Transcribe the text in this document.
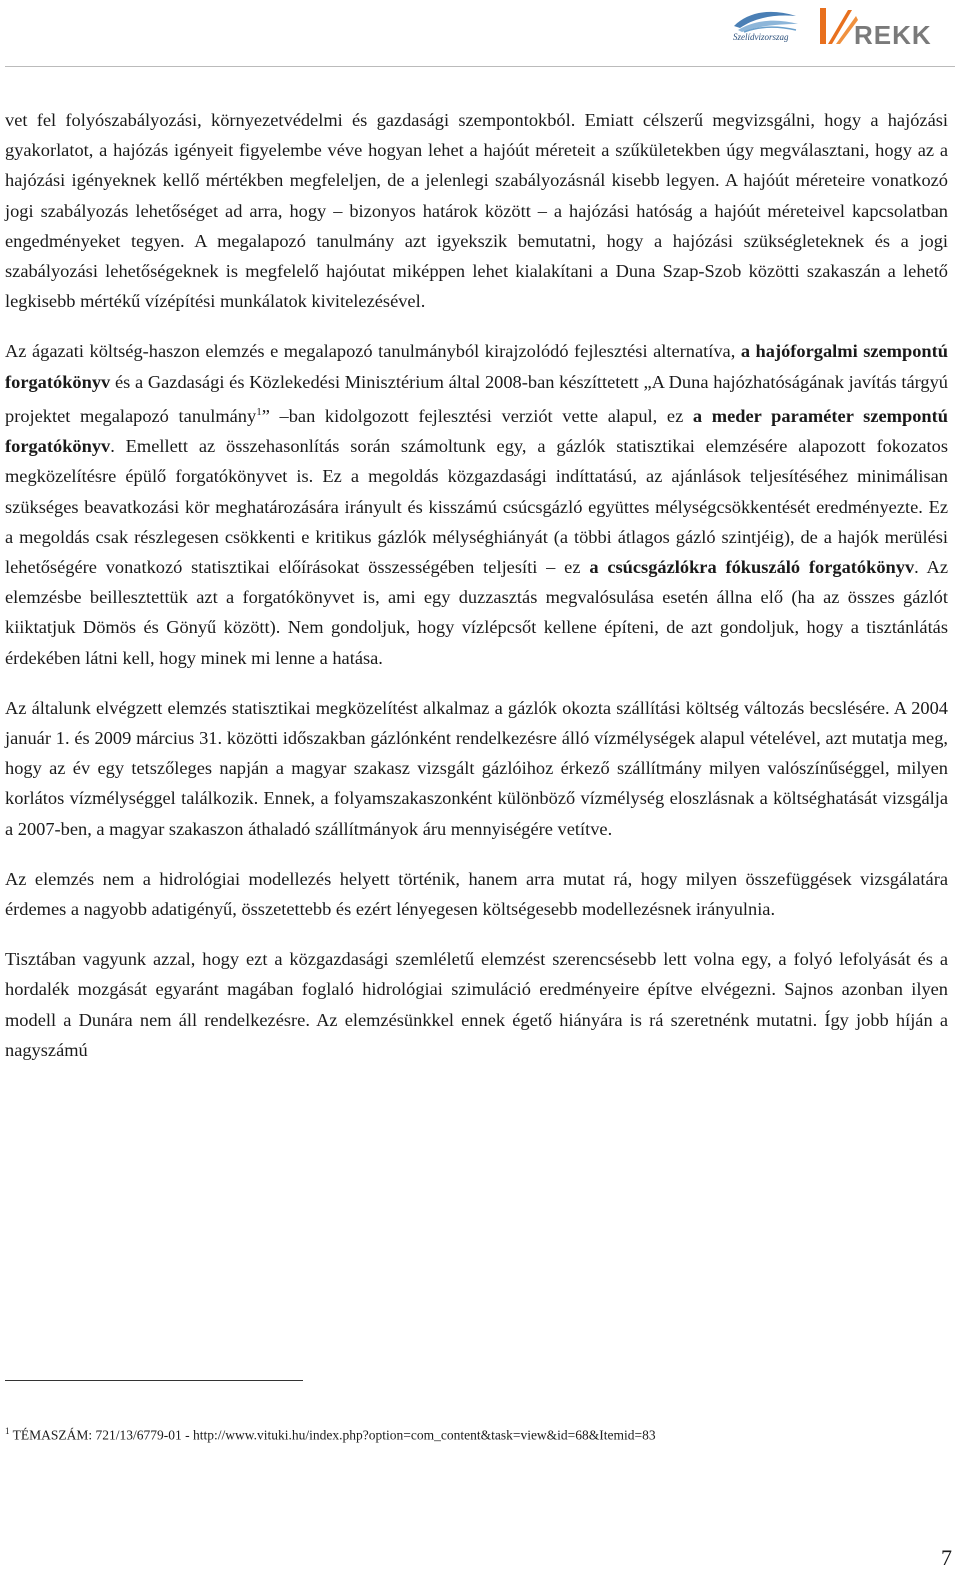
Szelídvizorszag	REKK

vet fel folyószabályozási, környezetvédelmi és gazdasági szempontokból. Emiatt célszerű megvizsgálni, hogy a hajózási gyakorlatot, a hajózás igényeit figyelembe véve hogyan lehet a hajóút méreteit a szűkületekben úgy megválasztani, hogy az a hajózási igényeknek kellő mértékben megfeleljen, de a jelenlegi szabályozásnál kisebb legyen. A hajóút méreteire vonatkozó jogi szabályozás lehetőséget ad arra, hogy – bizonyos határok között – a hajózási hatóság a hajóút méreteivel kapcsolatban engedményeket tegyen. A megalapozó tanulmány azt igyekszik bemutatni, hogy a hajózási szükségleteknek és a jogi szabályozási lehetőségeknek is megfelelő hajóutat miképpen lehet kialakítani a Duna Szap-Szob közötti szakaszán a lehető legkisebb mértékű vízépítési munkálatok kivitelezésével.

Az ágazati költség-haszon elemzés e megalapozó tanulmányból kirajzolódó fejlesztési alternatíva, a hajóforgalmi szempontú forgatókönyv és a Gazdasági és Közlekedési Minisztérium által 2008-ban készíttetett „A Duna hajózhatóságának javítás tárgyú projektet megalapozó tanulmány$^1$” –ban kidolgozott fejlesztési verziót vette alapul, ez a meder paraméter szempontú forgatókönyv. Emellett az összehasonlítás során számoltunk egy, a gázlók statisztikai elemzésére alapozott fokozatos megközelítésre épülő forgatókönyvet is. Ez a megoldás közgazdasági indíttatású, az ajánlások teljesítéséhez minimálisan szükséges beavatkozási kör meghatározására irányult és kisszámú csúcsgázló együttes mélységcsökkentését eredményezte. Ez a megoldás csak részlegesen csökkenti e kritikus gázlók mélységhiányát (a többi átlagos gázló szintjéig), de a hajók merülési lehetőségére vonatkozó statisztikai előírásokat összességében teljesíti – ez a csúcsgázlókra fókuszáló forgatókönyv. Az elemzésbe beillesztettük azt a forgatókönyvet is, ami egy duzzasztás megvalósulása esetén állna elő (ha az összes gázlót kiiktatjuk Dömös és Gönyű között). Nem gondoljuk, hogy vízlépcsőt kellene építeni, de azt gondoljuk, hogy a tisztánlátás érdekében látni kell, hogy minek mi lenne a hatása.

Az általunk elvégzett elemzés statisztikai megközelítést alkalmaz a gázlók okozta szállítási költség változás becslésére. A 2004 január 1. és 2009 március 31. közötti időszakban gázlónként rendelkezésre álló vízmélységek alapul vételével, azt mutatja meg, hogy az év egy tetszőleges napján a magyar szakasz vizsgált gázlóihoz érkező szállítmány milyen valószínűséggel, milyen korlátos vízmélységgel találkozik. Ennek, a folyamszakaszonként különböző vízmélység eloszlásnak a költséghatását vizsgálja a 2007-ben, a magyar szakaszon áthaladó szállítmányok áru mennyiségére vetítve.

Az elemzés nem a hidrológiai modellezés helyett történik, hanem arra mutat rá, hogy milyen összefüggések vizsgálatára érdemes a nagyobb adatigényű, összetettebb és ezért lényegesen költségesebb modellezésnek irányulnia.

Tisztában vagyunk azzal, hogy ezt a közgazdasági szemléletű elemzést szerencsésebb lett volna egy, a folyó lefolyását és a hordalék mozgását egyaránt magában foglaló hidrológiai szimuláció eredményeire építve elvégezni. Sajnos azonban ilyen modell a Dunára nem áll rendelkezésre. Az elemzésünkkel ennek égető hiányára is rá szeretnénk mutatni. Így jobb híján a nagyszámú

$^1$ TÉMASZÁM: 721/13/6779-01 - http://www.vituki.hu/index.php?option=com_content&task=view&id=68&Itemid=83
7
